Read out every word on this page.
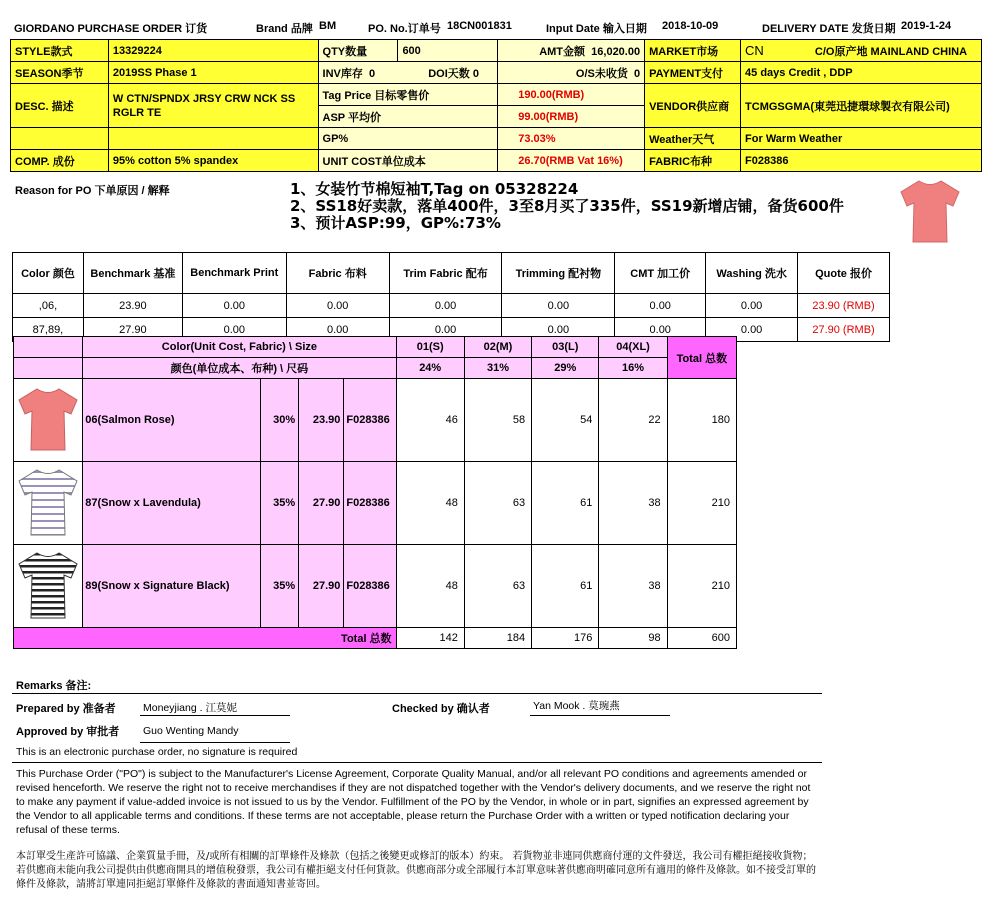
GIORDANO PURCHASE ORDER 订货	Brand 品牌 BM	PO. No.订单号 18CN001831	Input Date 输入日期 2018-10-09	DELIVERY DATE 发货日期 2019-1-24
STYLE款式	13329224	QTY数量	600	AMT金额 16,020.00	MARKET市场	CN C/O原产地 MAINLAND CHINA
SEASON季节	2019SS Phase 1	INV库存 0 DOI天数 0		O/S未收货 0	PAYMENT支付	45 days Credit , DDP
DESC. 描述	W CTN/SPNDX JRSY CRW NCK SS RGLR TE	Tag Price 目标零售价		190.00(RMB)	VENDOR供应商	TCMGSGMA(東莞迅捷環球製衣有限公司)
		ASP 平均价		99.00(RMB)		
		GP%		73.03%	Weather天气	For Warm Weather
COMP. 成份	95% cotton 5% spandex	UNIT COST单位成本		26.70(RMB Vat 16%)	FABRIC布种	F028386
Reason for PO 下单原因 / 解释	1、女装竹节棉短袖T,Tag on 05328224
2、SS18好卖款，落单400件，3至8月买了335件，SS19新增店铺，备货600件
3、预计ASP:99，GP%:73%
Color 颜色	Benchmark 基准	Benchmark Print	Fabric 布料	Trim Fabric 配布	Trimming 配衬物	CMT 加工价	Washing 洗水	Quote 报价
,06,	23.90	0.00	0.00	0.00	0.00	0.00	0.00	23.90 (RMB)
87,89,	27.90	0.00	0.00	0.00	0.00	0.00	0.00	27.90 (RMB)
	Color(Unit Cost, Fabric) \ Size				01(S)	02(M)	03(L)	04(XL)	Total 总数
	颜色(单位成本、布种) \ 尺码				24%	31%	29%	16%	
	06(Salmon Rose)	30%	23.90	F028386	46	58	54	22	180
	87(Snow x Lavendula)	35%	27.90	F028386	48	63	61	38	210
	89(Snow x Signature Black)	35%	27.90	F028386	48	63	61	38	210
Total 总数					142	184	176	98	600
Remarks 备注:
Prepared by 准备者	Moneyjiang . 江莫妮	Checked by 确认者	Yan Mook . 莫琬燕
Approved by 审批者 Guo Wenting Mandy
This is an electronic purchase order, no signature is required
This Purchase Order ("PO") is subject to the Manufacturer's License Agreement, Corporate Quality Manual, and/or all relevant PO conditions and agreements amended or revised henceforth. We reserve the right not to receive merchandises if they are not dispatched together with the Vendor's delivery documents, and we reserve the right not to make any payment if value-added invoice is not issued to us by the Vendor. Fulfillment of the PO by the Vendor, in whole or in part, signifies an expressed agreement by the Vendor to all applicable terms and conditions. If these terms are not acceptable, please return the Purchase Order with a written or typed notification declaring your refusal of these terms.
本訂單受生產許可協議、企業質量手冊，及/或所有相關的訂單條件及條款（包括之後變更或修訂的版本）約束。 若貨物並非連同供應商付運的文件發送，我公司有權拒絕接收貨物；若供應商未能向我公司提供由供應商開具的增值稅發票，我公司有權拒絕支付任何貨款。供應商部分或全部履行本訂單意味著供應商明確同意所有適用的條件及條款。如不接受訂單的條件及條款，請將訂單連同拒絕訂單條件及條款的書面通知書並寄回。
